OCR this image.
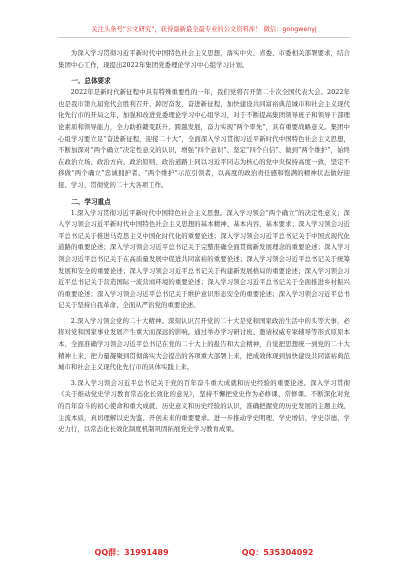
关注头条号“公文研究”，获得最新最全最专业的公文资料库！ 微信：gongwenyj

为深入学习贯彻习近平新时代中国特色社会主义思想，落实中央、省委、市委相关部署要求，结合集团中心工作，现提出2022年集团党委理论学习中心组学习计划。

一、总体要求

2022年是新时代新征程中具有特殊重要性的一年，我们党将召开第二十次全国代表大会。2022年也是我市第九届党代会胜利召开、踔厉奋发、奋进新征程，加快建设共同富裕典范城市和社会主义现代化先行市的开局之年，加强和改进党委理论学习中心组学习，对于不断提高集团领导班子和领导干部理论素质和领导能力，全力助推赣变跃升、跨越发展，奋力实现“两个率先”，具有重要战略意义。集团中心组学习要立足“奋进新征程，迎接二十大”，全面深入学习贯彻习近平新时代中国特色社会主义思想，不断加深对“两个确立”决定性意义的认识，增强“四个意识”、坚定“四个自信”、做到“两个维护”，始终在政治立场、政治方向、政治原则、政治道路上同以习近平同志为核心的党中央保持高度一致，坚定不移做“两个确立”忠诚拥护者、“两个维护”示范引领者，以高度的政治责任感和饱满的精神状态做好迎接、学习、贯彻党的二十大各项工作。

二、学习重点

1.深入学习贯彻习近平新时代中国特色社会主义思想。深入学习领会“两个确立”的决定性意义；深入学习领会习近平新时代中国特色社会主义思想的基本精神、基本内容、基本要求；深入学习领会习近平总书记关于推进马克思主义中国化时代化的重要论述；深入学习领会习近平总书记关于中国式现代化道路的重要论述；深入学习领会习近平总书记关于完整准确全面贯彻新发展理念的重要论述；深入学习领会习近平总书记关于在高质量发展中促进共同富裕的重要论述；深入学习领会习近平总书记关于统筹发展和安全的重要论述；深入学习领会习近平总书记关于构建新发展格局的重要论述；深入学习领会习近平总书记关于营造国际一流营商环境的重要论述；深入学习领会习近平总书记关于全面推进乡村振兴的重要论述；深入学习领会习近平总书记关于维护意识形态安全的重要论述；深入学习领会习近平总书记关于坚持自我革命、全面从严治党的重要论述。

2.深入学习领会党的二十大精神。深刻认识召开党的二十大是党和国家政治生活中的头等大事，必将对党和国家事业发展产生重大而深远的影响。通过举办学习研讨班、邀请权威专家辅导等形式原原本本、全面准确学习领会习近平总书记在党的二十大上的报告和大会精神，自觉把思想统一到党的二十大精神上来，把力量凝聚到贯彻落实大会提出的各项重大部署上来，把成效体现到加快建设共同富裕典范城市和社会主义现代化先行市的具体实践上来。

3.深入学习领会习近平总书记关于党的百年奋斗重大成就和历史经验的重要论述。深入学习贯彻《关于推动党史学习教育常态化长效化的意见》，坚持不懈把党史作为必修课、常修课。不断深化对党的百年奋斗的初心使命和重大成就、历史意义和历史经验的认识，准确把握党的历史发展的主题主线、主流本质，真切理解以史为鉴、开创未来的重要要求。进一步推动学史明理、学史增信、学史崇德、学史力行，以常态化长效化制度机制巩固拓展党史学习教育成果。

QQ群：31991489	QQ：535304092
